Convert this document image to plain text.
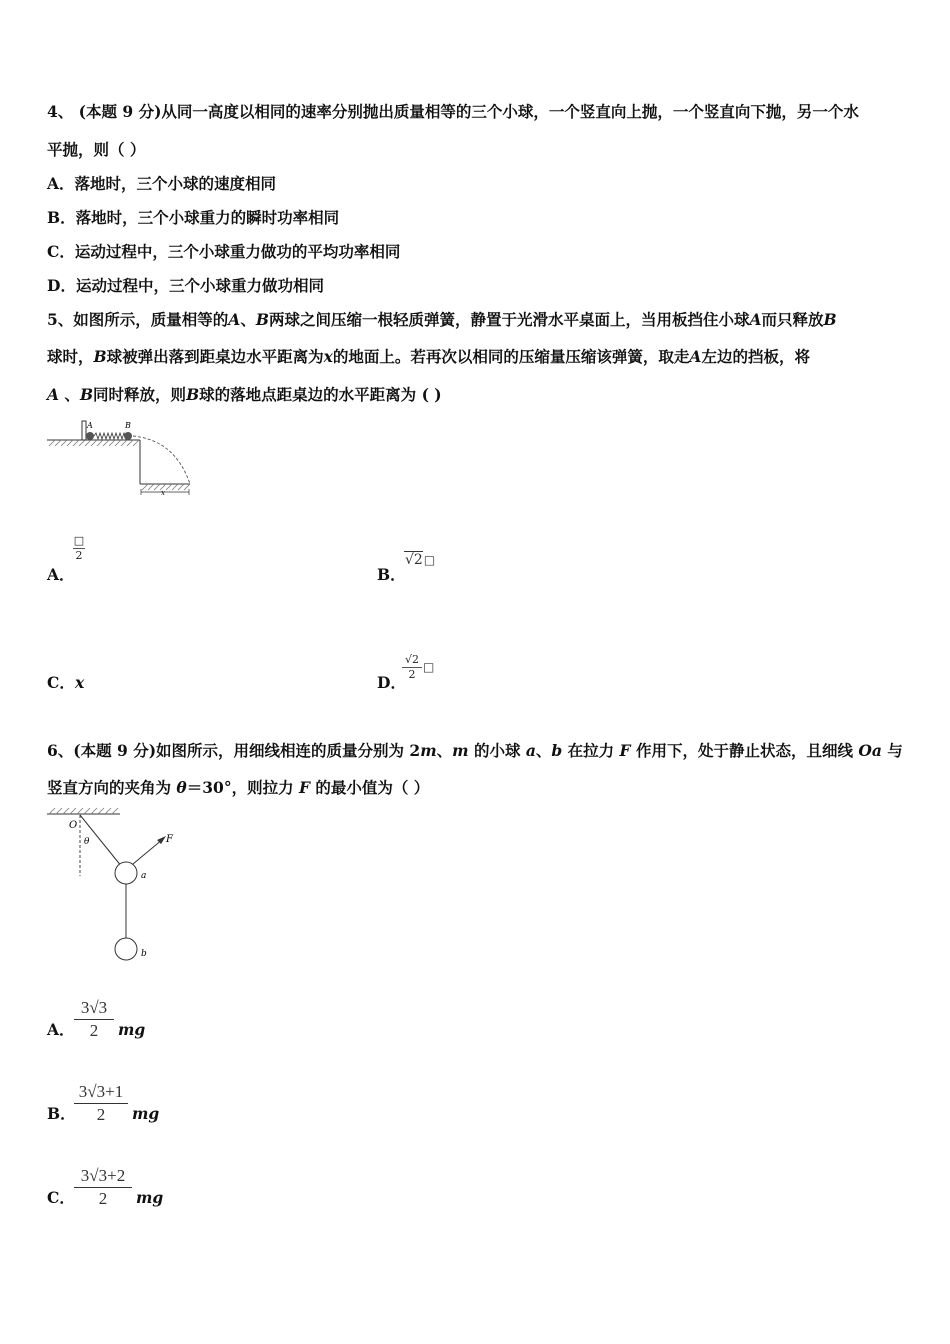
4、 (本题 9 分)从同一高度以相同的速率分别抛出质量相等的三个小球，一个竖直向上抛，一个竖直向下抛，另一个水
平抛，则（ ）
A．落地时，三个小球的速度相同
B．落地时，三个小球重力的瞬时功率相同
C．运动过程中，三个小球重力做功的平均功率相同
D．运动过程中，三个小球重力做功相同
5、如图所示，质量相等的A、B两球之间压缩一根轻质弹簧，静置于光滑水平桌面上，当用板挡住小球A而只释放B
球时，B球被弹出落到距桌边水平距离为x的地面上。若再次以相同的压缩量压缩该弹簧，取走A左边的挡板，将
A 、B同时释放，则B球的落地点距桌边的水平距离为 ( )
A	B
x
A．
□
2
B．
√2□
C． x	D．
√2
2
□
6、(本题 9 分)如图所示，用细线相连的质量分别为 2m、m 的小球 a、b 在拉力 F 作用下，处于静止状态，且细线 Oa 与
竖直方向的夹角为 θ＝30°，则拉力 F 的最小值为（ ）
O
θ	F
a
b
A．
3√3
2	mg
B．
3√3+1
2	mg
C．
3√3+2
2	mg
